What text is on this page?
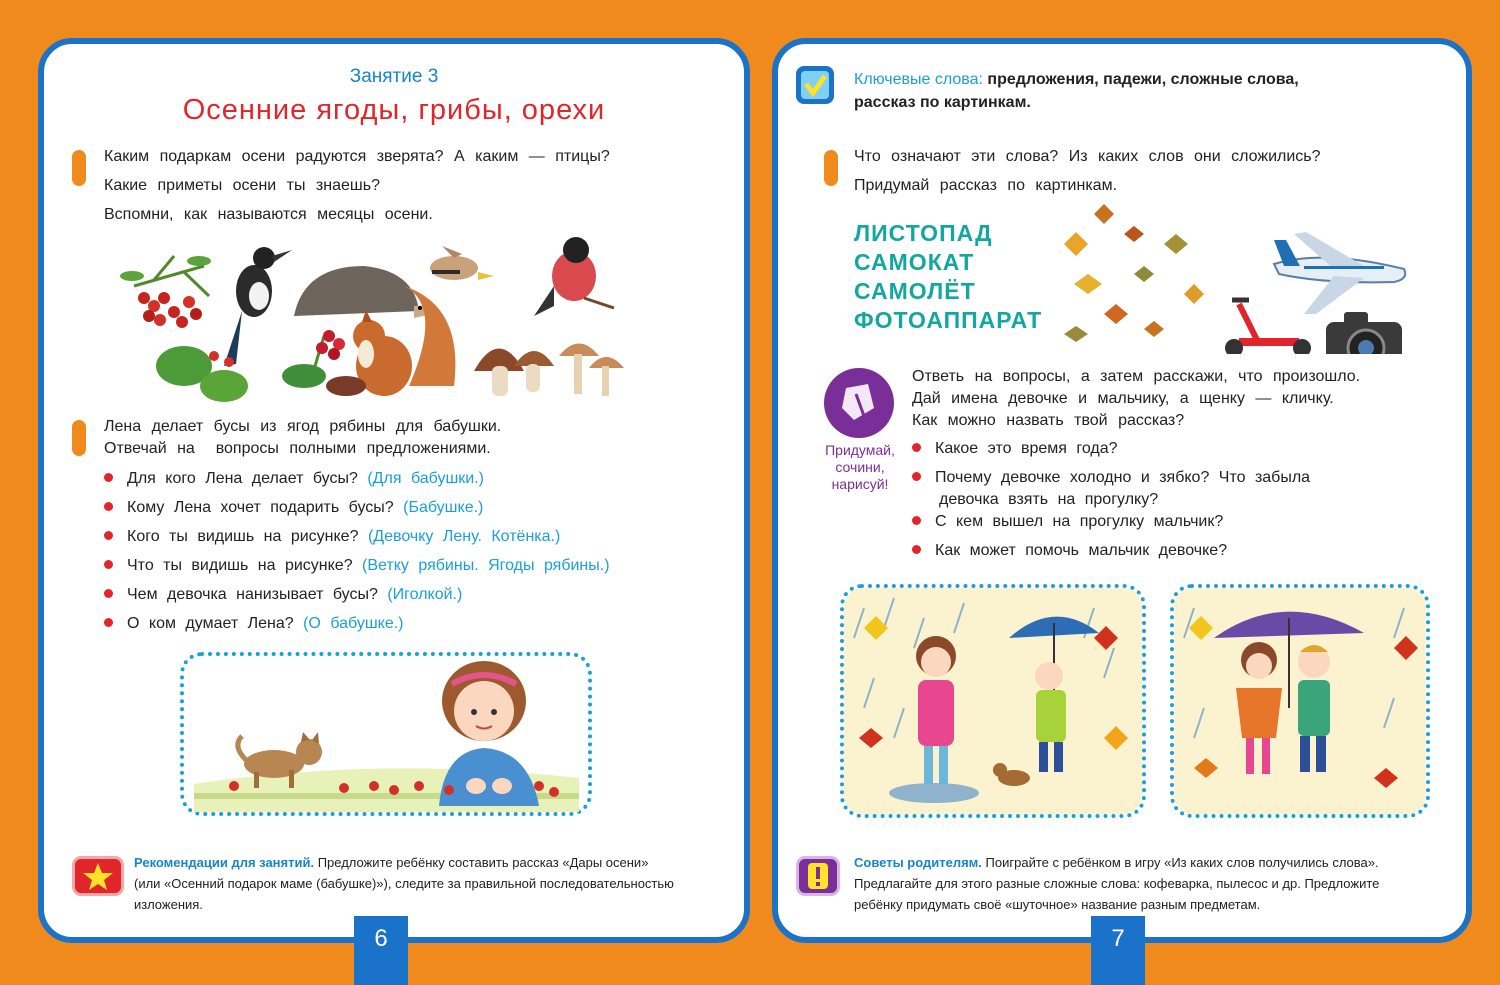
Занятие 3
Осенние ягоды, грибы, орехи
Каким подаркам осени радуются зверята? А каким — птицы?
Какие приметы осени ты знаешь?
Вспомни, как называются месяцы осени.
Лена делает бусы из ягод рябины для бабушки.
Отвечай на  вопросы полными предложениями.
Для кого Лена делает бусы? (Для бабушки.)
Кому Лена хочет подарить бусы? (Бабушке.)
Кого ты видишь на рисунке? (Девочку Лену. Котёнка.)
Что ты видишь на рисунке? (Ветку рябины. Ягоды рябины.)
Чем девочка нанизывает бусы? (Иголкой.)
О ком думает Лена? (О бабушке.)
Рекомендации для занятий. Предложите ребёнку составить рассказ «Дары осени»
(или «Осенний подарок маме (бабушке)»), следите за правильной последовательностью
изложения.
6
Ключевые слова: предложения, падежи, сложные слова,
рассказ по картинкам.
Что означают эти слова? Из каких слов они сложились?
Придумай рассказ по картинкам.
ЛИСТОПАД
САМОКАТ
САМОЛЁТ
ФОТОАППАРАТ
Придумай,
сочини,
нарисуй!
Ответь на вопросы, а затем расскажи, что произошло.
Дай имена девочке и мальчику, а щенку — кличку.
Как можно назвать твой рассказ?
Какое это время года?
Почему девочке холодно и зябко? Что забыла
девочка взять на прогулку?
С кем вышел на прогулку мальчик?
Как может помочь мальчик девочке?
Советы родителям. Поиграйте с ребёнком в игру «Из каких слов получились слова».
Предлагайте для этого разные сложные слова: кофеварка, пылесос и др. Предложите
ребёнку придумать своё «шуточное» название разным предметам.
7
